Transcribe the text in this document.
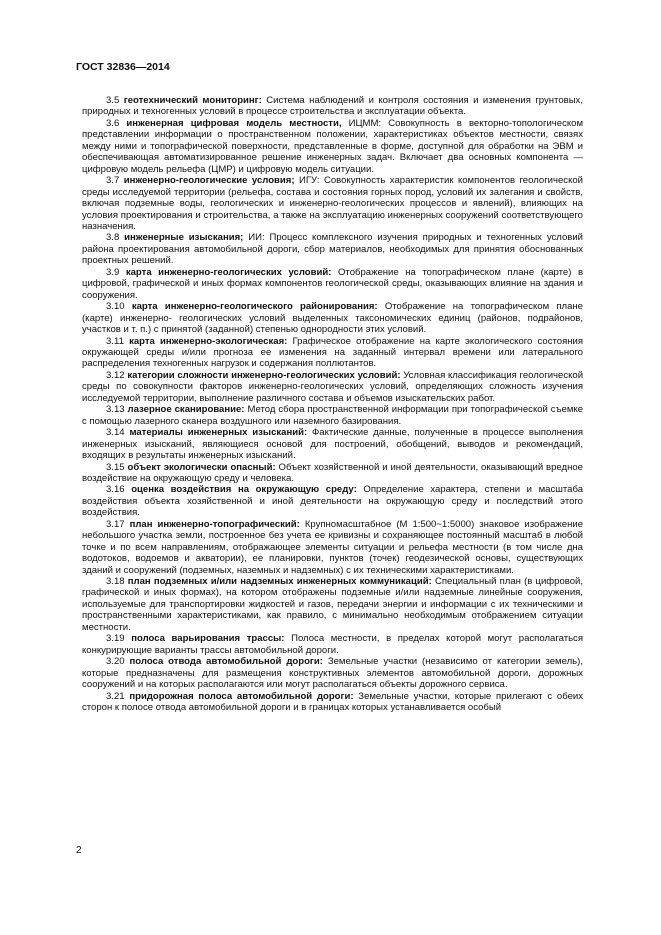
ГОСТ 32836—2014

3.5 геотехнический мониторинг: Система наблюдений и контроля состояния и изменения грунтовых, природных и техногенных условий в процессе строительства и эксплуатации объекта.

3.6 инженерная цифровая модель местности, ИЦММ: Совокупность в векторно-топологическом представлении информации о пространственном положении, характеристиках объектов местности, связях между ними и топографической поверхности, представленные в форме, доступной для обработки на ЭВМ и обеспечивающая автоматизированное решение инженерных задач. Включает два основных компонента — цифровую модель рельефа (ЦМР) и цифровую модель ситуации.

3.7 инженерно-геологические условия; ИГУ: Совокупность характеристик компонентов геологической среды исследуемой территории (рельефа, состава и состояния горных пород, условий их залегания и свойств, включая подземные воды, геологических и инженерно-геологических процессов и явлений), влияющих на условия проектирования и строительства, а также на эксплуатацию инженерных сооружений соответствующего назначения.

3.8 инженерные изыскания; ИИ: Процесс комплексного изучения природных и техногенных условий района проектирования автомобильной дороги, сбор материалов, необходимых для принятия обоснованных проектных решений.

3.9 карта инженерно-геологических условий: Отображение на топографическом плане (карте) в цифровой, графической и иных формах компонентов геологической среды, оказывающих влияние на здания и сооружения.

3.10 карта инженерно-геологического районирования: Отображение на топографическом плане (карте) инженерно- геологических условий выделенных таксономических единиц (районов, подрайонов, участков и т. п.) с принятой (заданной) степенью однородности этих условий.

3.11 карта инженерно-экологическая: Графическое отображение на карте экологического состояния окружающей среды и/или прогноза ее изменения на заданный интервал времени или латерального распределения техногенных нагрузок и содержания поллютантов.

3.12 категории сложности инженерно-геологических условий: Условная классификация геологической среды по совокупности факторов инженерно-геологических условий, определяющих сложность изучения исследуемой территории, выполнение различного состава и объемов изыскательских работ.

3.13 лазерное сканирование: Метод сбора пространственной информации при топографической съемке с помощью лазерного сканера воздушного или наземного базирования.

3.14 материалы инженерных изысканий: Фактические данные, полученные в процессе выполнения инженерных изысканий, являющиеся основой для построений, обобщений, выводов и рекомендаций, входящих в результаты инженерных изысканий.

3.15 объект экологически опасный: Объект хозяйственной и иной деятельности, оказывающий вредное воздействие на окружающую среду и человека.

3.16 оценка воздействия на окружающую среду: Определение характера, степени и масштаба воздействия объекта хозяйственной и иной деятельности на окружающую среду и последствий этого воздействия.

3.17 план инженерно-топографический: Крупномасштабное (М 1:500~1:5000) знаковое изображение небольшого участка земли, построенное без учета ее кривизны и сохраняющее постоянный масштаб в любой точке и по всем направлениям, отображающее элементы ситуации и рельефа местности (в том числе дна водотоков, водоемов и акватории), ее планировки, пунктов (точек) геодезической основы, существующих зданий и сооружений (подземных, наземных и надземных) с их техническими характеристиками.

3.18 план подземных и/или надземных инженерных коммуникаций: Специальный план (в цифровой, графической и иных формах), на котором отображены подземные и/или надземные линейные сооружения, используемые для транспортировки жидкостей и газов, передачи энергии и информации с их техническими и пространственными характеристиками, как правило, с минимально необходимым отображением ситуации местности.

3.19 полоса варьирования трассы: Полоса местности, в пределах которой могут располагаться конкурирующие варианты трассы автомобильной дороги.

3.20 полоса отвода автомобильной дороги: Земельные участки (независимо от категории земель), которые предназначены для размещения конструктивных элементов автомобильной дороги, дорожных сооружений и на которых располагаются или могут располагаться объекты дорожного сервиса.

3.21 придорожная полоса автомобильной дороги: Земельные участки, которые прилегают с обеих сторон к полосе отвода автомобильной дороги и в границах которых устанавливается особый

2
